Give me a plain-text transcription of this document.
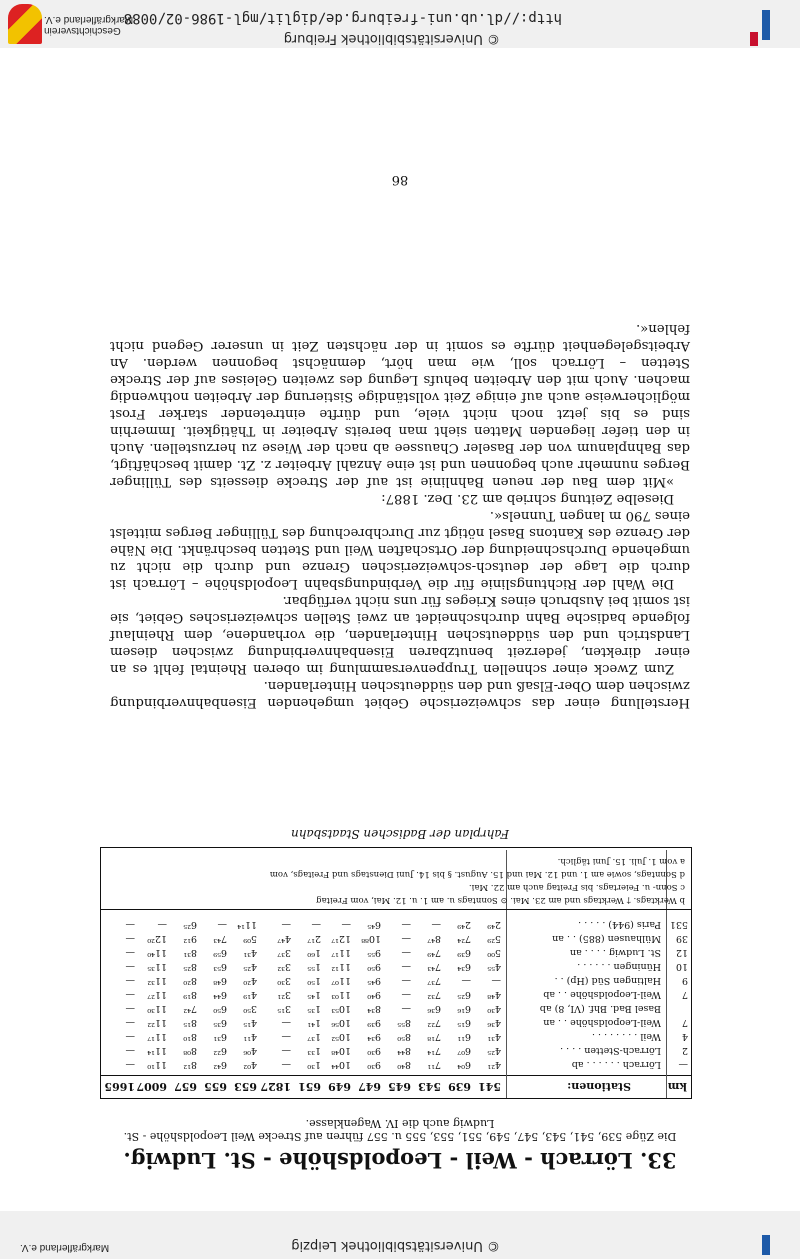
Geschichtsverein Markgräflerland e.V.
© Universitätsbibliothek Freiburg
http://dl.ub.uni-freiburg.de/diglit/mgl-1986-02/0088
© Universitätsbibliothek Leipzig
Markgräflerland e.V.
33. Lörrach - Weil - Leopoldshöhe - St. Ludwig.
Die Züge 539, 541, 543, 547, 549, 551, 553, 555 u. 557 führen auf Strecke Weil Leopoldshöhe - St. Ludwig auch die IV. Wagenklasse.
km
Stationen:
541
639
543
645
647
649
651
1827
653
655
657
6007
1665
—
Lörrach . . . . . . ab
4²¹
6⁰⁴
7¹¹
8⁴⁰
9³⁰
10⁴⁴
1³⁰
—
4⁰²
6⁴²
8¹²
11¹⁰
—
2
Lörrach-Stetten . . . .
4²⁵
6⁰⁷
7¹⁴
8⁴⁴
9³⁰
10⁴⁸
1³³
—
4⁰⁶
6²²
8⁰⁸
11¹⁴
—
4
Weil . . . . . . . .
4³¹
6¹¹
7¹⁸
8⁵⁰
9³⁴
10⁵²
1³⁷
—
4¹¹
6³¹
8¹⁰
11¹⁷
—
7
Weil-Leopoldshöhe . . an
4³⁶
6¹⁵
7²²
8⁵⁵
9³⁹
10⁵⁶
1⁴¹
—
4¹⁵
6³⁵
8¹⁵
11²²
—
Basel Bad. Bhf. (VI, 8) ab
4³⁰
6¹⁶
6³⁶
—
8³⁴
10⁵³
1³⁵
3¹⁵
3⁵⁰
6⁵⁰
7⁴²
11³⁰
—
7
Weil-Leopoldshöhe . . ab
4⁴⁸
6²⁵
7³²
—
9⁴⁰
11⁰³
1⁴⁵
3²¹
4¹⁹
6⁴⁴
8¹⁹
11²⁷
—
9
Haltingen Süd (Hp) . .
—
—
7³⁷
—
9⁴⁵
11⁰⁷
1⁵⁰
3³⁰
4²⁰
6⁴⁸
8²⁰
11³²
—
10
Hüningen . . . . . .
4⁵⁵
6³⁴
7⁴³
—
9⁵⁰
11¹²
1⁵⁵
3³²
4²⁵
6⁵³
8²⁵
11³⁵
—
12
St. Ludwig . . . . an
5⁰⁰
6³⁹
7⁴⁹
—
9⁵⁵
11¹⁷
1⁶⁰
3³⁷
4³¹
6⁵⁹
8³¹
11⁴⁰
—
39
Mülhausen (885) . . an
5²⁹
7²⁴
8⁴⁷
—
10⁸⁸
12¹⁷
2¹⁷
4⁴⁷
5⁰⁹
7⁴³
9¹²
12²⁰
—
531
Paris (944) . . . . .
2⁴⁹
2⁴⁹
—
—
6⁴⁵
—
—
—
11¹⁴
—
6²⁵
—
—
b Werktags. † Werktags und am 23. Mai. ⊙ Sonntags u. am 1. u. 12. Mai, vom Freitag
c Sonn- u. Feiertags. bis Freitag auch am 22. Mai.
d Sonntags, sowie am 1. und 12. Mai und 15. August. § bis 14. Juni Dienstags und Freitags, vom
a vom 1. Juli. 15. Juni täglich.
Fahrplan der Badischen Staatsbahn

Herstellung einer das schweizerische Gebiet umgehenden Eisenbahnverbindung zwischen dem Ober-Elsaß und den süddeutschen Hinterlanden.

Zum Zweck einer schnellen Truppenversammlung im oberen Rheintal fehlt es an einer direkten, jederzeit benutzbaren Eisenbahnverbindung zwischen diesem Landstrich und den süddeutschen Hinterlanden, die vorhandene, dem Rheinlauf folgende badische Bahn durchschneidet an zwei Stellen schweizerisches Gebiet, sie ist somit bei Ausbruch eines Krieges für uns nicht verfügbar.

Die Wahl der Richtungslinie für die Verbindungsbahn Leopoldshöhe – Lörrach ist durch die Lage der deutsch-schweizerischen Grenze und durch die nicht zu umgehende Durchschneidung der Ortschaften Weil und Stetten beschränkt. Die Nähe der Grenze des Kantons Basel nötigt zur Durchbrechung des Tüllinger Berges mittelst eines 790 m langen Tunnels«.

Dieselbe Zeitung schrieb am 23. Dez. 1887:

»Mit dem Bau der neuen Bahnlinie ist auf der Strecke diesseits des Tüllinger Berges nunmehr auch begonnen und ist eine Anzahl Arbeiter z. Zt. damit beschäftigt, das Bahnplanum von der Baseler Chaussee ab nach der Wiese zu herzustellen. Auch in den tiefer liegenden Matten sieht man bereits Arbeiter in Thätigkeit. Immerhin sind es bis jetzt noch nicht viele, und dürfte eintretender starker Frost möglicherweise auch auf einige Zeit vollständige Sistierung der Arbeiten nothwendig machen. Auch mit den Arbeiten behufs Legung des zweiten Geleises auf der Strecke Stetten – Lörrach soll, wie man hört, demnächst begonnen werden. An Arbeitsgelegenheit dürfte es somit in der nächsten Zeit in unserer Gegend nicht fehlen«.

86
